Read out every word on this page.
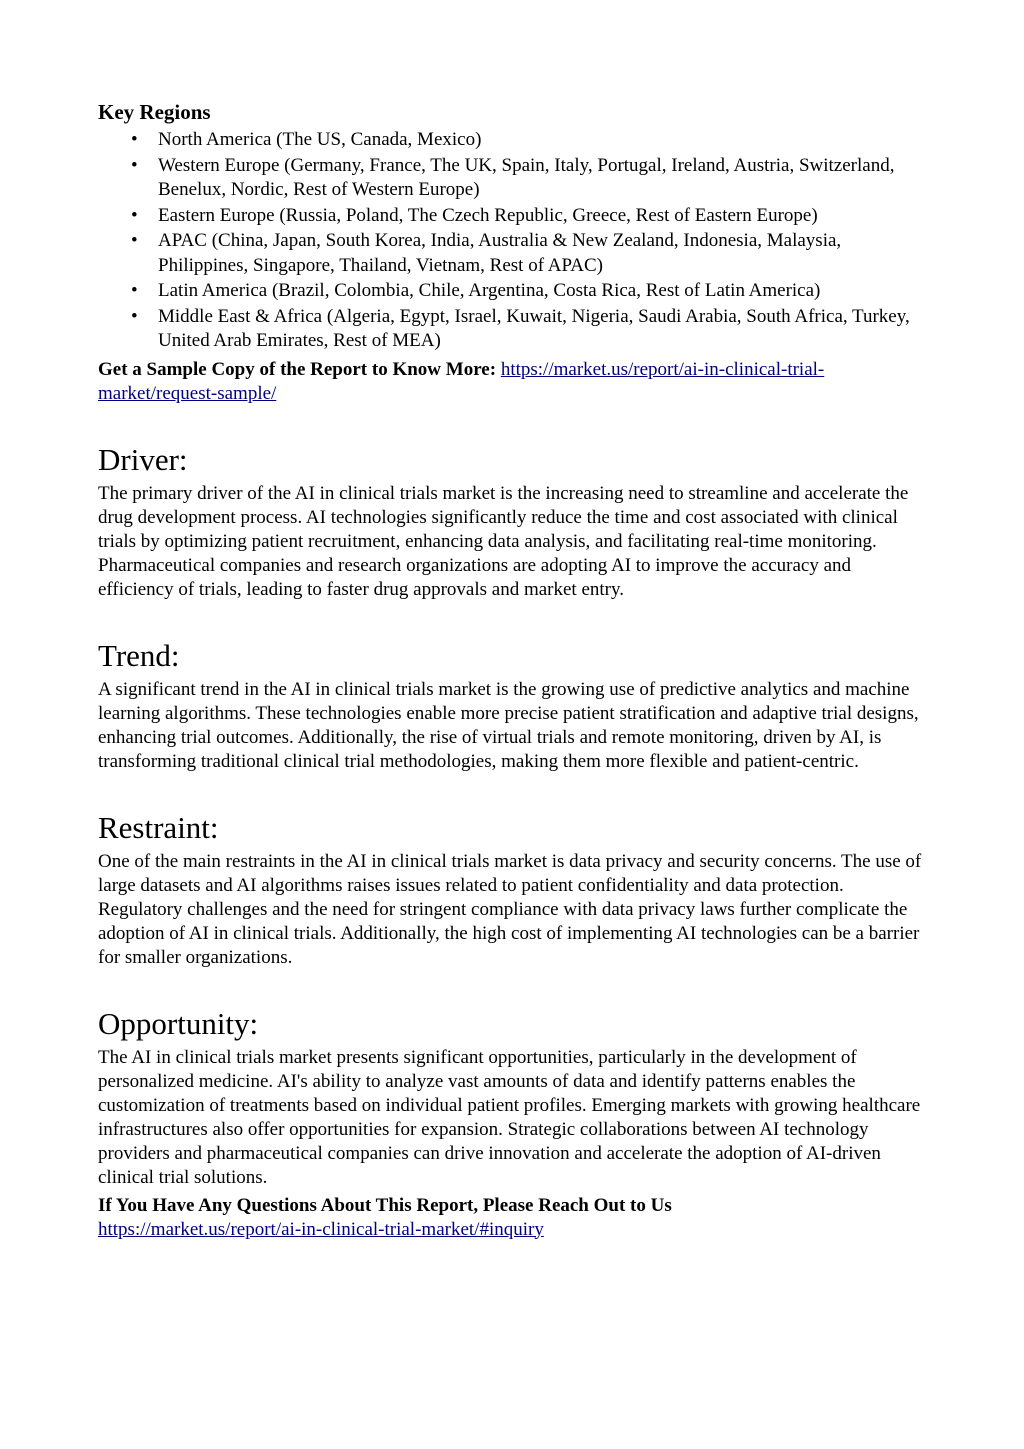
Key Regions
• North America (The US, Canada, Mexico)
• Western Europe (Germany, France, The UK, Spain, Italy, Portugal, Ireland, Austria, Switzerland, Benelux, Nordic, Rest of Western Europe)
• Eastern Europe (Russia, Poland, The Czech Republic, Greece, Rest of Eastern Europe)
• APAC (China, Japan, South Korea, India, Australia & New Zealand, Indonesia, Malaysia, Philippines, Singapore, Thailand, Vietnam, Rest of APAC)
• Latin America (Brazil, Colombia, Chile, Argentina, Costa Rica, Rest of Latin America)
• Middle East & Africa (Algeria, Egypt, Israel, Kuwait, Nigeria, Saudi Arabia, South Africa, Turkey, United Arab Emirates, Rest of MEA)
Get a Sample Copy of the Report to Know More: https://market.us/report/ai-in-clinical-trial-market/request-sample/
Driver:

The primary driver of the AI in clinical trials market is the increasing need to streamline and accelerate the drug development process. AI technologies significantly reduce the time and cost associated with clinical trials by optimizing patient recruitment, enhancing data analysis, and facilitating real-time monitoring. Pharmaceutical companies and research organizations are adopting AI to improve the accuracy and efficiency of trials, leading to faster drug approvals and market entry.

Trend:

A significant trend in the AI in clinical trials market is the growing use of predictive analytics and machine learning algorithms. These technologies enable more precise patient stratification and adaptive trial designs, enhancing trial outcomes. Additionally, the rise of virtual trials and remote monitoring, driven by AI, is transforming traditional clinical trial methodologies, making them more flexible and patient-centric.

Restraint:

One of the main restraints in the AI in clinical trials market is data privacy and security concerns. The use of large datasets and AI algorithms raises issues related to patient confidentiality and data protection. Regulatory challenges and the need for stringent compliance with data privacy laws further complicate the adoption of AI in clinical trials. Additionally, the high cost of implementing AI technologies can be a barrier for smaller organizations.

Opportunity:

The AI in clinical trials market presents significant opportunities, particularly in the development of personalized medicine. AI's ability to analyze vast amounts of data and identify patterns enables the customization of treatments based on individual patient profiles. Emerging markets with growing healthcare infrastructures also offer opportunities for expansion. Strategic collaborations between AI technology providers and pharmaceutical companies can drive innovation and accelerate the adoption of AI-driven clinical trial solutions.

If You Have Any Questions About This Report, Please Reach Out to Us
https://market.us/report/ai-in-clinical-trial-market/#inquiry
